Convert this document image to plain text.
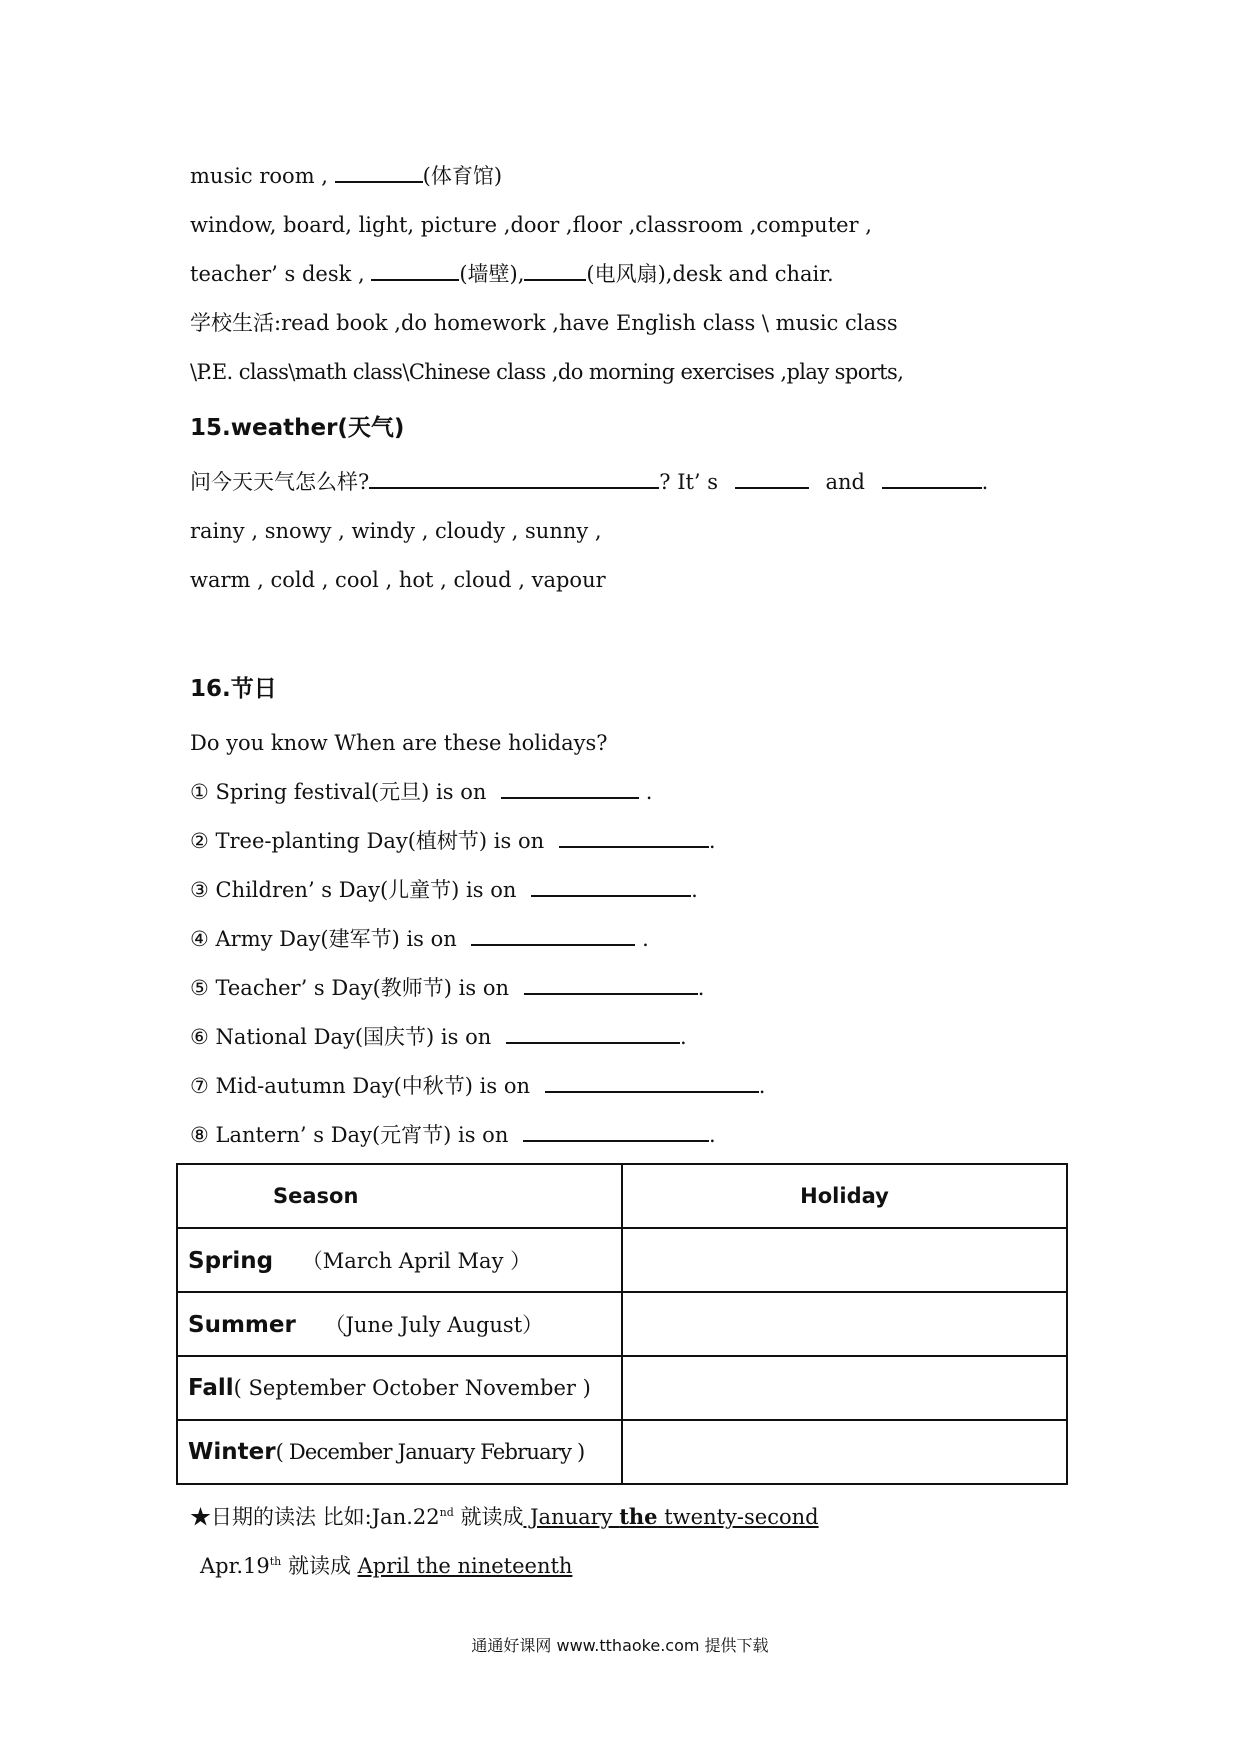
music room ,	(体育馆)
window, board, light, picture ,door ,floor ,classroom ,computer ,
teacher’ s desk ,	(墙壁),	(电风扇),desk and chair.
学校生活:read book ,do homework ,have English class \ music class
\P.E. class\math class\Chinese class ,do morning exercises ,play sports,
15.weather(天气)
问今天天气怎么样?	? It’ s	and	.
rainy , snowy , windy , cloudy , sunny ,
warm , cold , cool , hot , cloud , vapour
16.节日
Do you know When are these holidays?
① Spring festival(元旦) is on	.
② Tree-planting Day(植树节) is on	.
③ Children’ s Day(儿童节) is on	.
④ Army Day(建军节) is on	.
⑤ Teacher’ s Day(教师节) is on	.
⑥ National Day(国庆节) is on	.
⑦ Mid-autumn Day(中秋节) is on	.
⑧ Lantern’ s Day(元宵节) is on	.
Season	Holiday
Spring （March April May ）	
Summer （June July August）	
Fall( September October November )	
Winter( December January February )	
★日期的读法 比如:Jan.22nd 就读成 January the twenty-second
Apr.19th 就读成 April the nineteenth
通通好课网 www.tthaoke.com 提供下载
